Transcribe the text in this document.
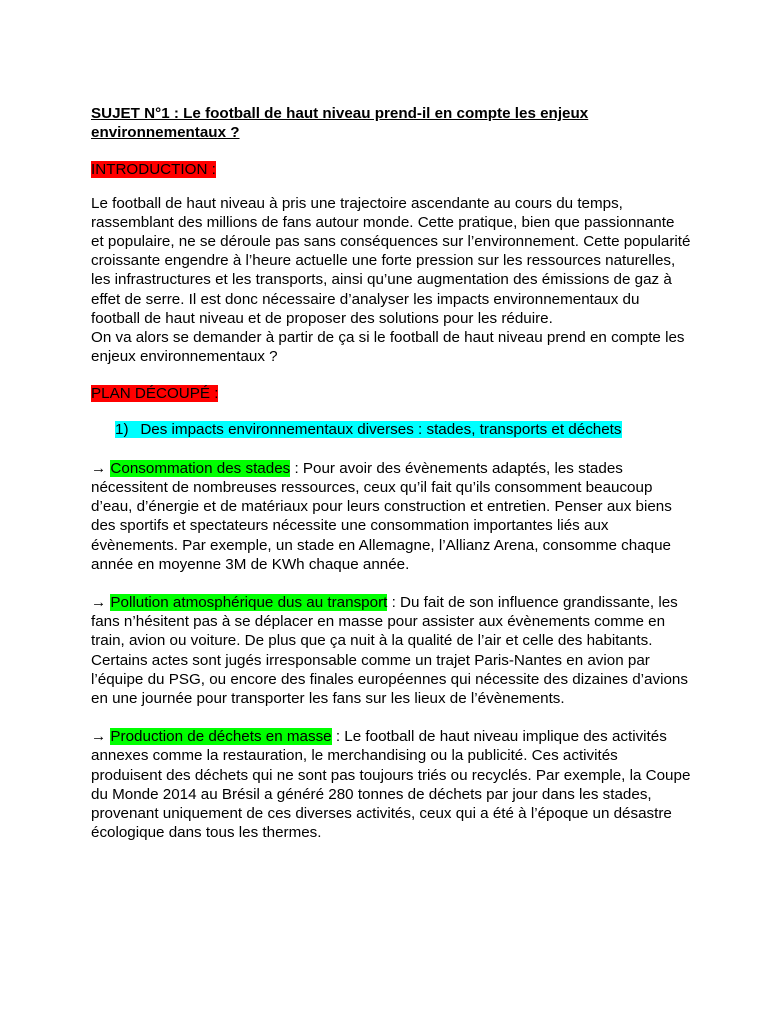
SUJET N°1 : Le football de haut niveau prend-il en compte les enjeux environnementaux ?

INTRODUCTION :

Le football de haut niveau à pris une trajectoire ascendante au cours du temps, rassemblant des millions de fans autour monde. Cette pratique, bien que passionnante et populaire, ne se déroule pas sans conséquences sur l’environnement. Cette popularité croissante engendre à l’heure actuelle une forte pression sur les ressources naturelles, les infrastructures et les transports, ainsi qu’une augmentation des émissions de gaz à effet de serre. Il est donc nécessaire d’analyser les impacts environnementaux du football de haut niveau et de proposer des solutions pour les réduire.

On va alors se demander à partir de ça si le football de haut niveau prend en compte les enjeux environnementaux ?

PLAN DÉCOUPÉ :
1)  Des impacts environnementaux diverses : stades, transports et déchets

→ Consommation des stades : Pour avoir des évènements adaptés, les stades nécessitent de nombreuses ressources, ceux qu’il fait qu’ils consomment beaucoup d’eau, d’énergie et de matériaux pour leurs construction et entretien. Penser aux biens des sportifs et spectateurs nécessite une consommation importantes liés aux évènements. Par exemple, un stade en Allemagne, l’Allianz Arena, consomme chaque année en moyenne 3M de KWh chaque année.

→ Pollution atmosphérique dus au transport : Du fait de son influence grandissante, les fans n’hésitent pas à se déplacer en masse pour assister aux évènements comme en train, avion ou voiture. De plus que ça nuit à la qualité de l’air et celle des habitants. Certains actes sont jugés irresponsable comme un trajet Paris-Nantes en avion par l’équipe du PSG, ou encore des finales européennes qui nécessite des dizaines d’avions en une journée pour transporter les fans sur les lieux de l’évènements.

→ Production de déchets en masse : Le football de haut niveau implique des activités annexes comme la restauration, le merchandising ou la publicité. Ces activités produisent des déchets qui ne sont pas toujours triés ou recyclés. Par exemple, la Coupe du Monde 2014 au Brésil a généré 280 tonnes de déchets par jour dans les stades, provenant uniquement de ces diverses activités, ceux qui a été à l’époque un désastre écologique dans tous les thermes.
